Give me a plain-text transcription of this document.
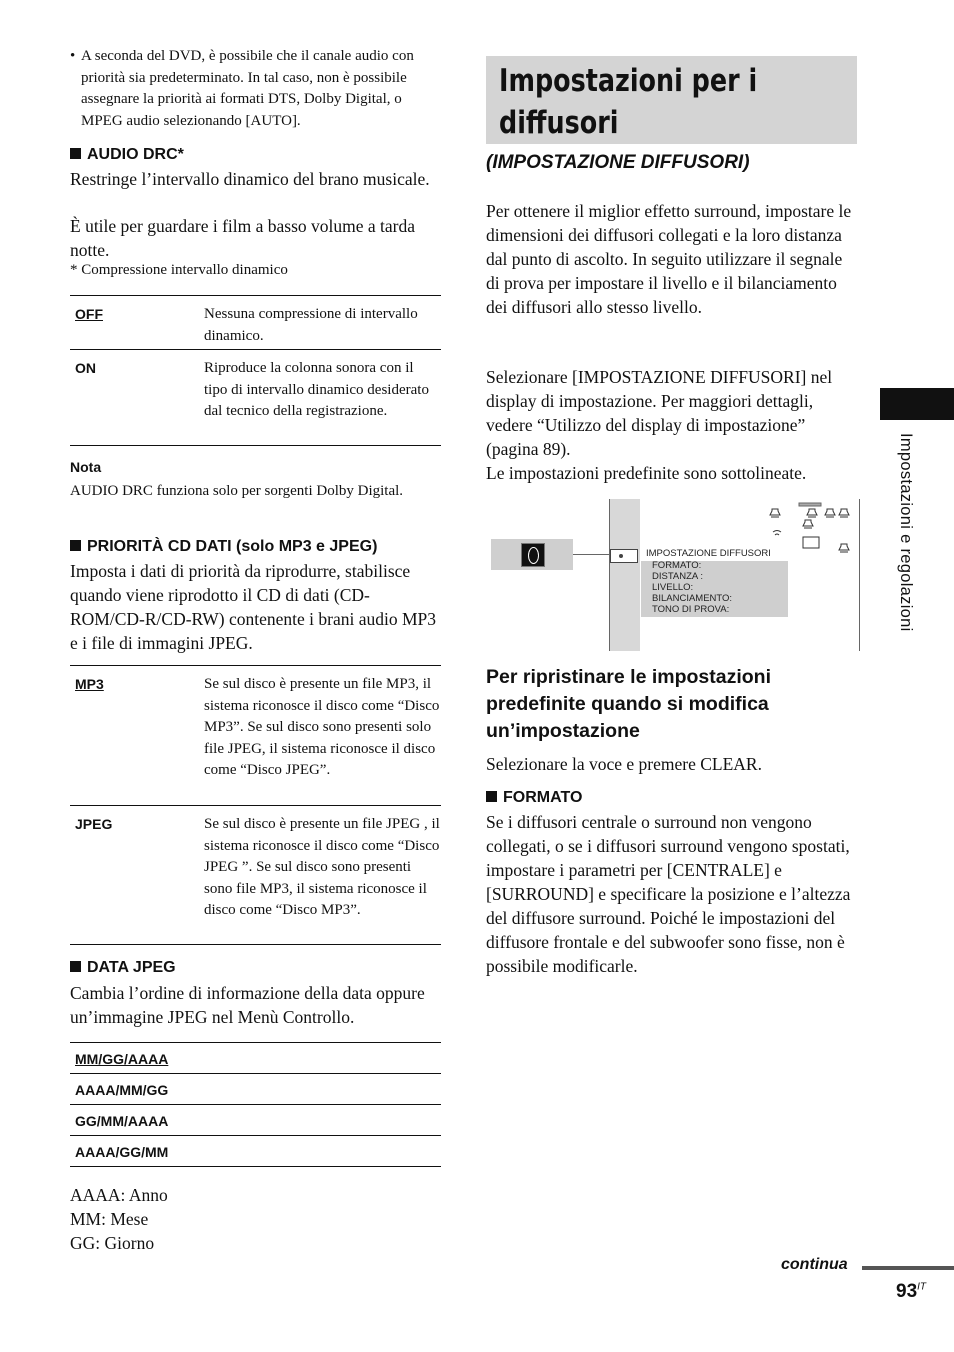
• A seconda del DVD, è possibile che il canale audio con priorità sia predeterminato. In tal caso, non è possibile assegnare la priorità ai formati DTS, Dolby Digital, o MPEG audio selezionando [AUTO].
AUDIO DRC*
Restringe l’intervallo dinamico del brano musicale.
È utile per guardare i film a basso volume a tarda notte.
* Compressione intervallo dinamico
OFF	Nessuna compressione di intervallo dinamico.
ON	Riproduce la colonna sonora con il tipo di intervallo dinamico desiderato dal tecnico della registrazione.
Nota
AUDIO DRC funziona solo per sorgenti Dolby Digital.
PRIORITÀ CD DATI (solo MP3 e JPEG)
Imposta i dati di priorità da riprodurre, stabilisce quando viene riprodotto il CD di dati (CD-ROM/CD-R/CD-RW) contenente i brani audio MP3 e i file di immagini JPEG.
MP3	Se sul disco è presente un file MP3, il sistema riconosce il disco come “Disco MP3”. Se sul disco sono presenti solo file JPEG, il sistema riconosce il disco come “Disco JPEG”.
JPEG	Se sul disco è presente un file JPEG , il sistema riconosce il disco come “Disco JPEG ”. Se sul disco sono presenti sono file MP3, il sistema riconosce il disco come “Disco MP3”.
DATA JPEG
Cambia l’ordine di informazione della data oppure un’immagine JPEG nel Menù Controllo.
MM/GG/AAAA
AAAA/MM/GG
GG/MM/AAAA
AAAA/GG/MM
AAAA: Anno
MM: Mese
GG: Giorno
Impostazioni per i diffusori
(IMPOSTAZIONE DIFFUSORI)
Per ottenere il miglior effetto surround, impostare le dimensioni dei diffusori collegati e la loro distanza dal punto di ascolto. In seguito utilizzare il segnale di prova per impostare il livello e il bilanciamento dei diffusori allo stesso livello.
Selezionare [IMPOSTAZIONE DIFFUSORI] nel display di impostazione. Per maggiori dettagli, vedere “Utilizzo del display di impostazione” (pagina 89).
Le impostazioni predefinite sono sottolineate.
IMPOSTAZIONE DIFFUSORI
FORMATO:
DISTANZA :
LIVELLO:
BILANCIAMENTO:
TONO DI PROVA:
Per ripristinare le impostazioni predefinite quando si modifica un’impostazione
Selezionare la voce e premere CLEAR.
FORMATO
Se i diffusori centrale o surround non vengono collegati, o se i diffusori surround vengono spostati, impostare i parametri per [CENTRALE] e [SURROUND] e specificare la posizione e l’altezza del diffusore surround. Poiché le impostazioni del diffusore frontale e del subwoofer sono fisse, non è possibile modificarle.
Impostazioni e regolazioni
continua
$93^{IT}$
